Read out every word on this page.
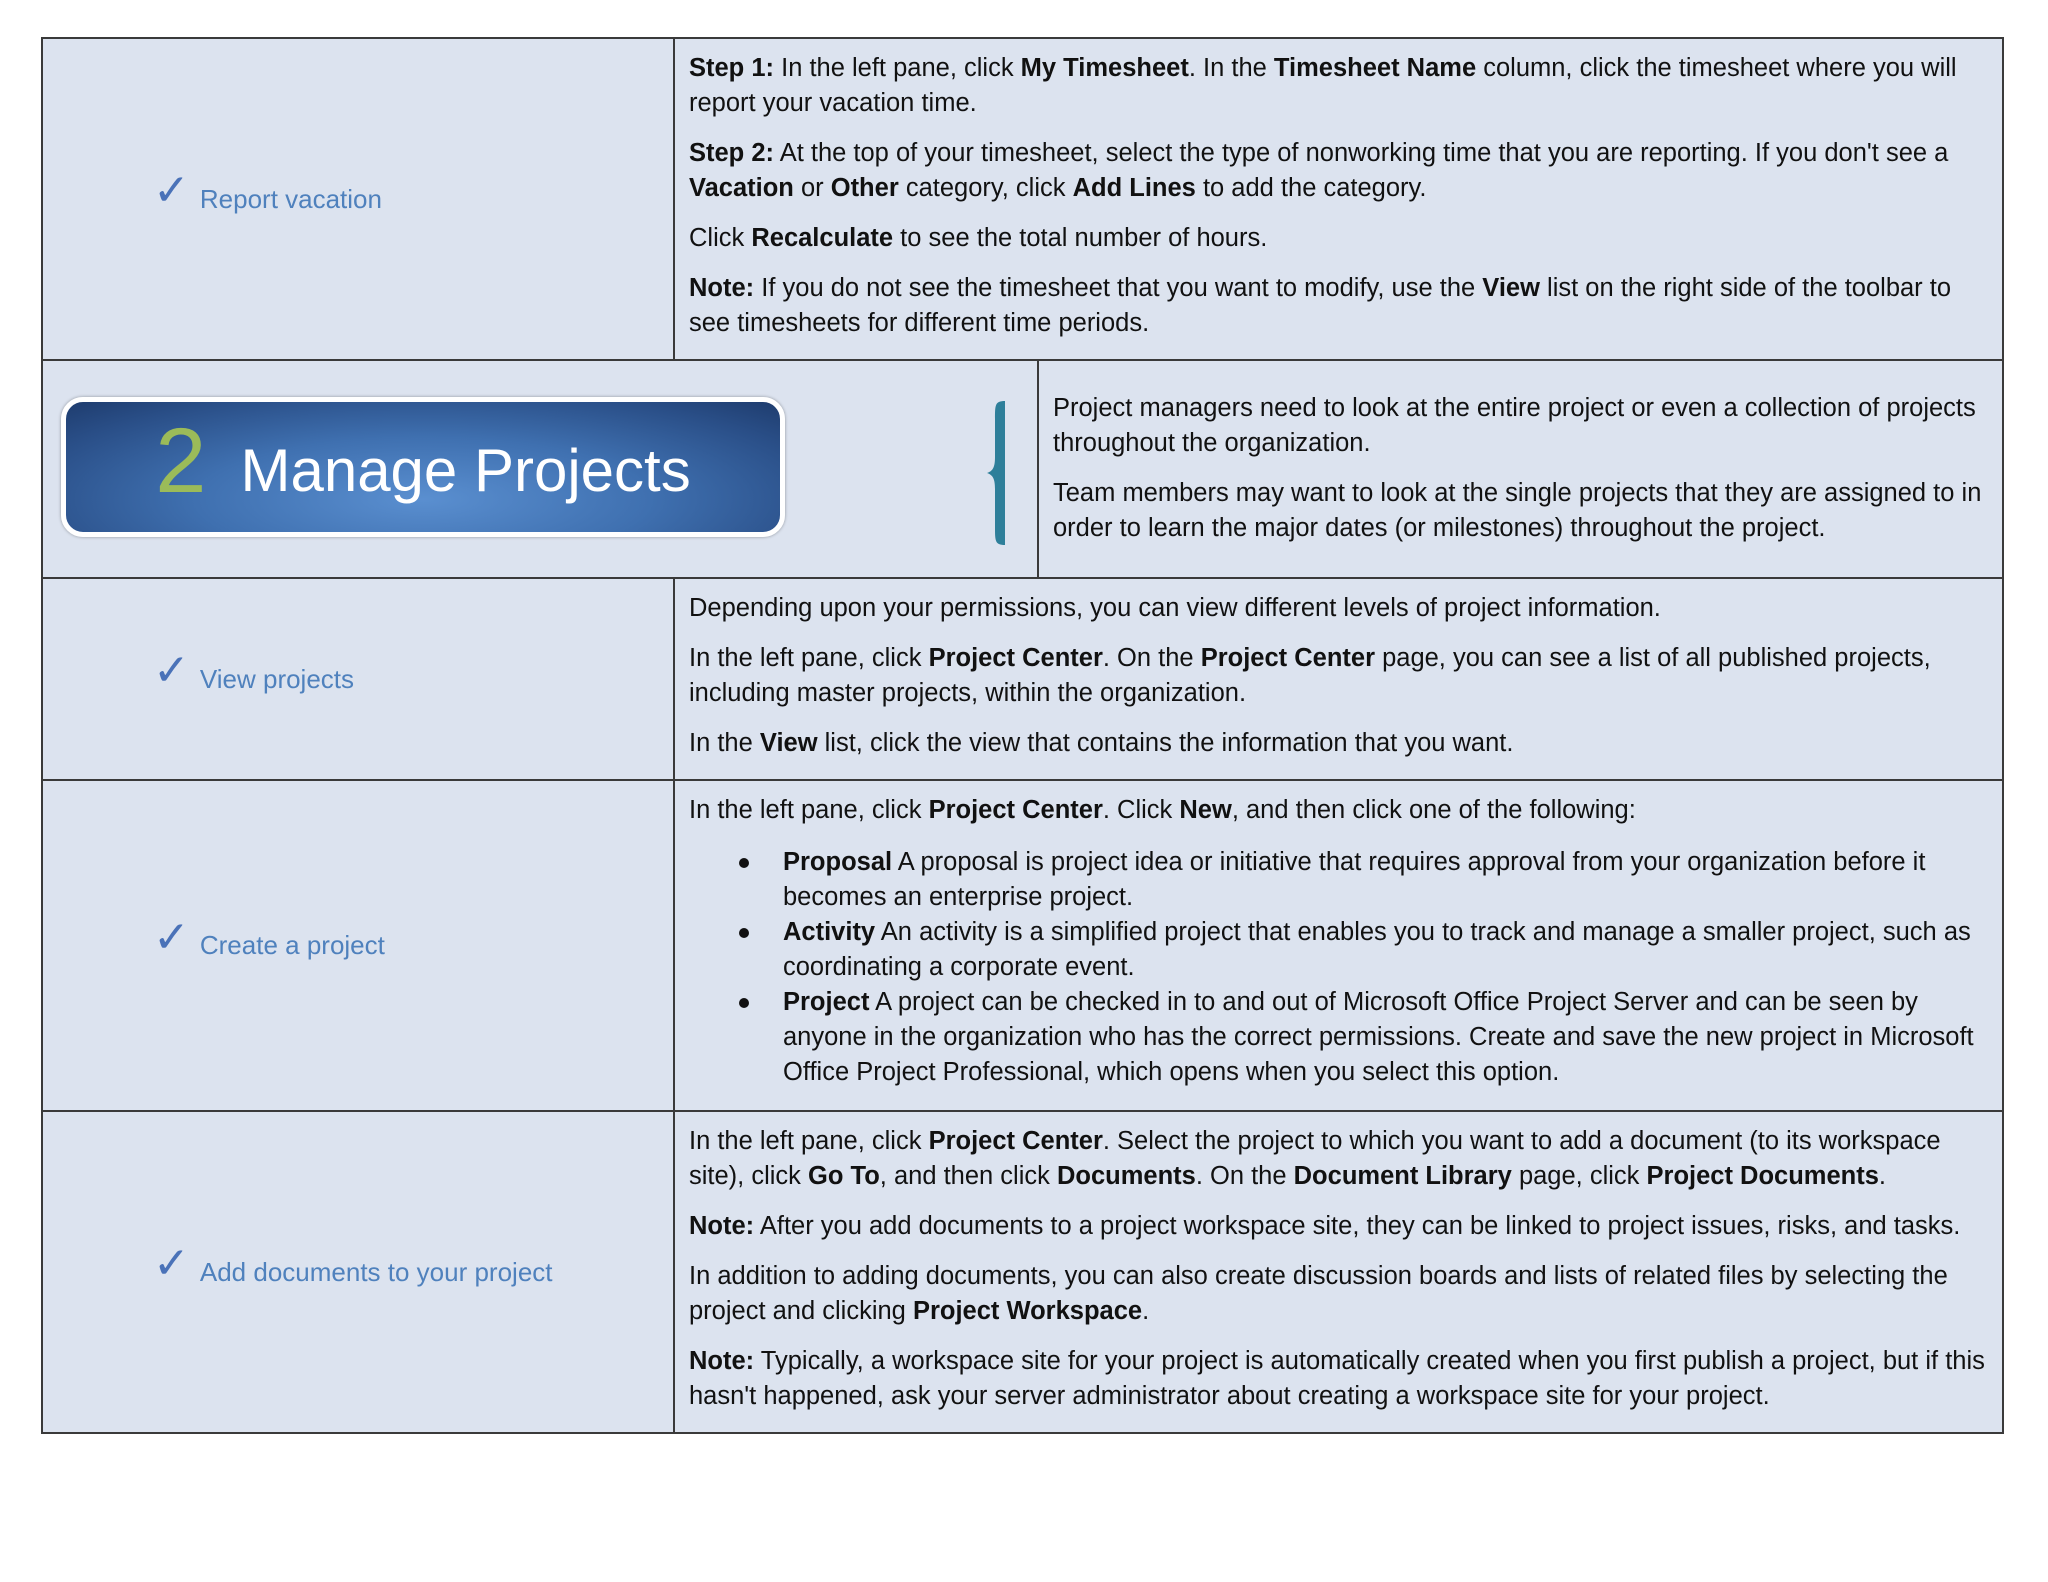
✓ Report vacation

Step 1: In the left pane, click My Timesheet. In the Timesheet Name column, click the timesheet where you will report your vacation time.

Step 2: At the top of your timesheet, select the type of nonworking time that you are reporting. If you don't see a Vacation or Other category, click Add Lines to add the category.

Click Recalculate to see the total number of hours.

Note: If you do not see the timesheet that you want to modify, use the View list on the right side of the toolbar to see timesheets for different time periods.

2 Manage Projects

Project managers need to look at the entire project or even a collection of projects throughout the organization.

Team members may want to look at the single projects that they are assigned to in order to learn the major dates (or milestones) throughout the project.

✓ View projects

Depending upon your permissions, you can view different levels of project information.

In the left pane, click Project Center. On the Project Center page, you can see a list of all published projects, including master projects, within the organization.

In the View list, click the view that contains the information that you want.

✓ Create a project

In the left pane, click Project Center. Click New, and then click one of the following:

Proposal A proposal is project idea or initiative that requires approval from your organization before it becomes an enterprise project.
Activity An activity is a simplified project that enables you to track and manage a smaller project, such as coordinating a corporate event.
Project A project can be checked in to and out of Microsoft Office Project Server and can be seen by anyone in the organization who has the correct permissions. Create and save the new project in Microsoft Office Project Professional, which opens when you select this option.
✓ Add documents to your project

In the left pane, click Project Center. Select the project to which you want to add a document (to its workspace site), click Go To, and then click Documents. On the Document Library page, click Project Documents.

Note: After you add documents to a project workspace site, they can be linked to project issues, risks, and tasks.

In addition to adding documents, you can also create discussion boards and lists of related files by selecting the project and clicking Project Workspace.

Note: Typically, a workspace site for your project is automatically created when you first publish a project, but if this hasn't happened, ask your server administrator about creating a workspace site for your project.
